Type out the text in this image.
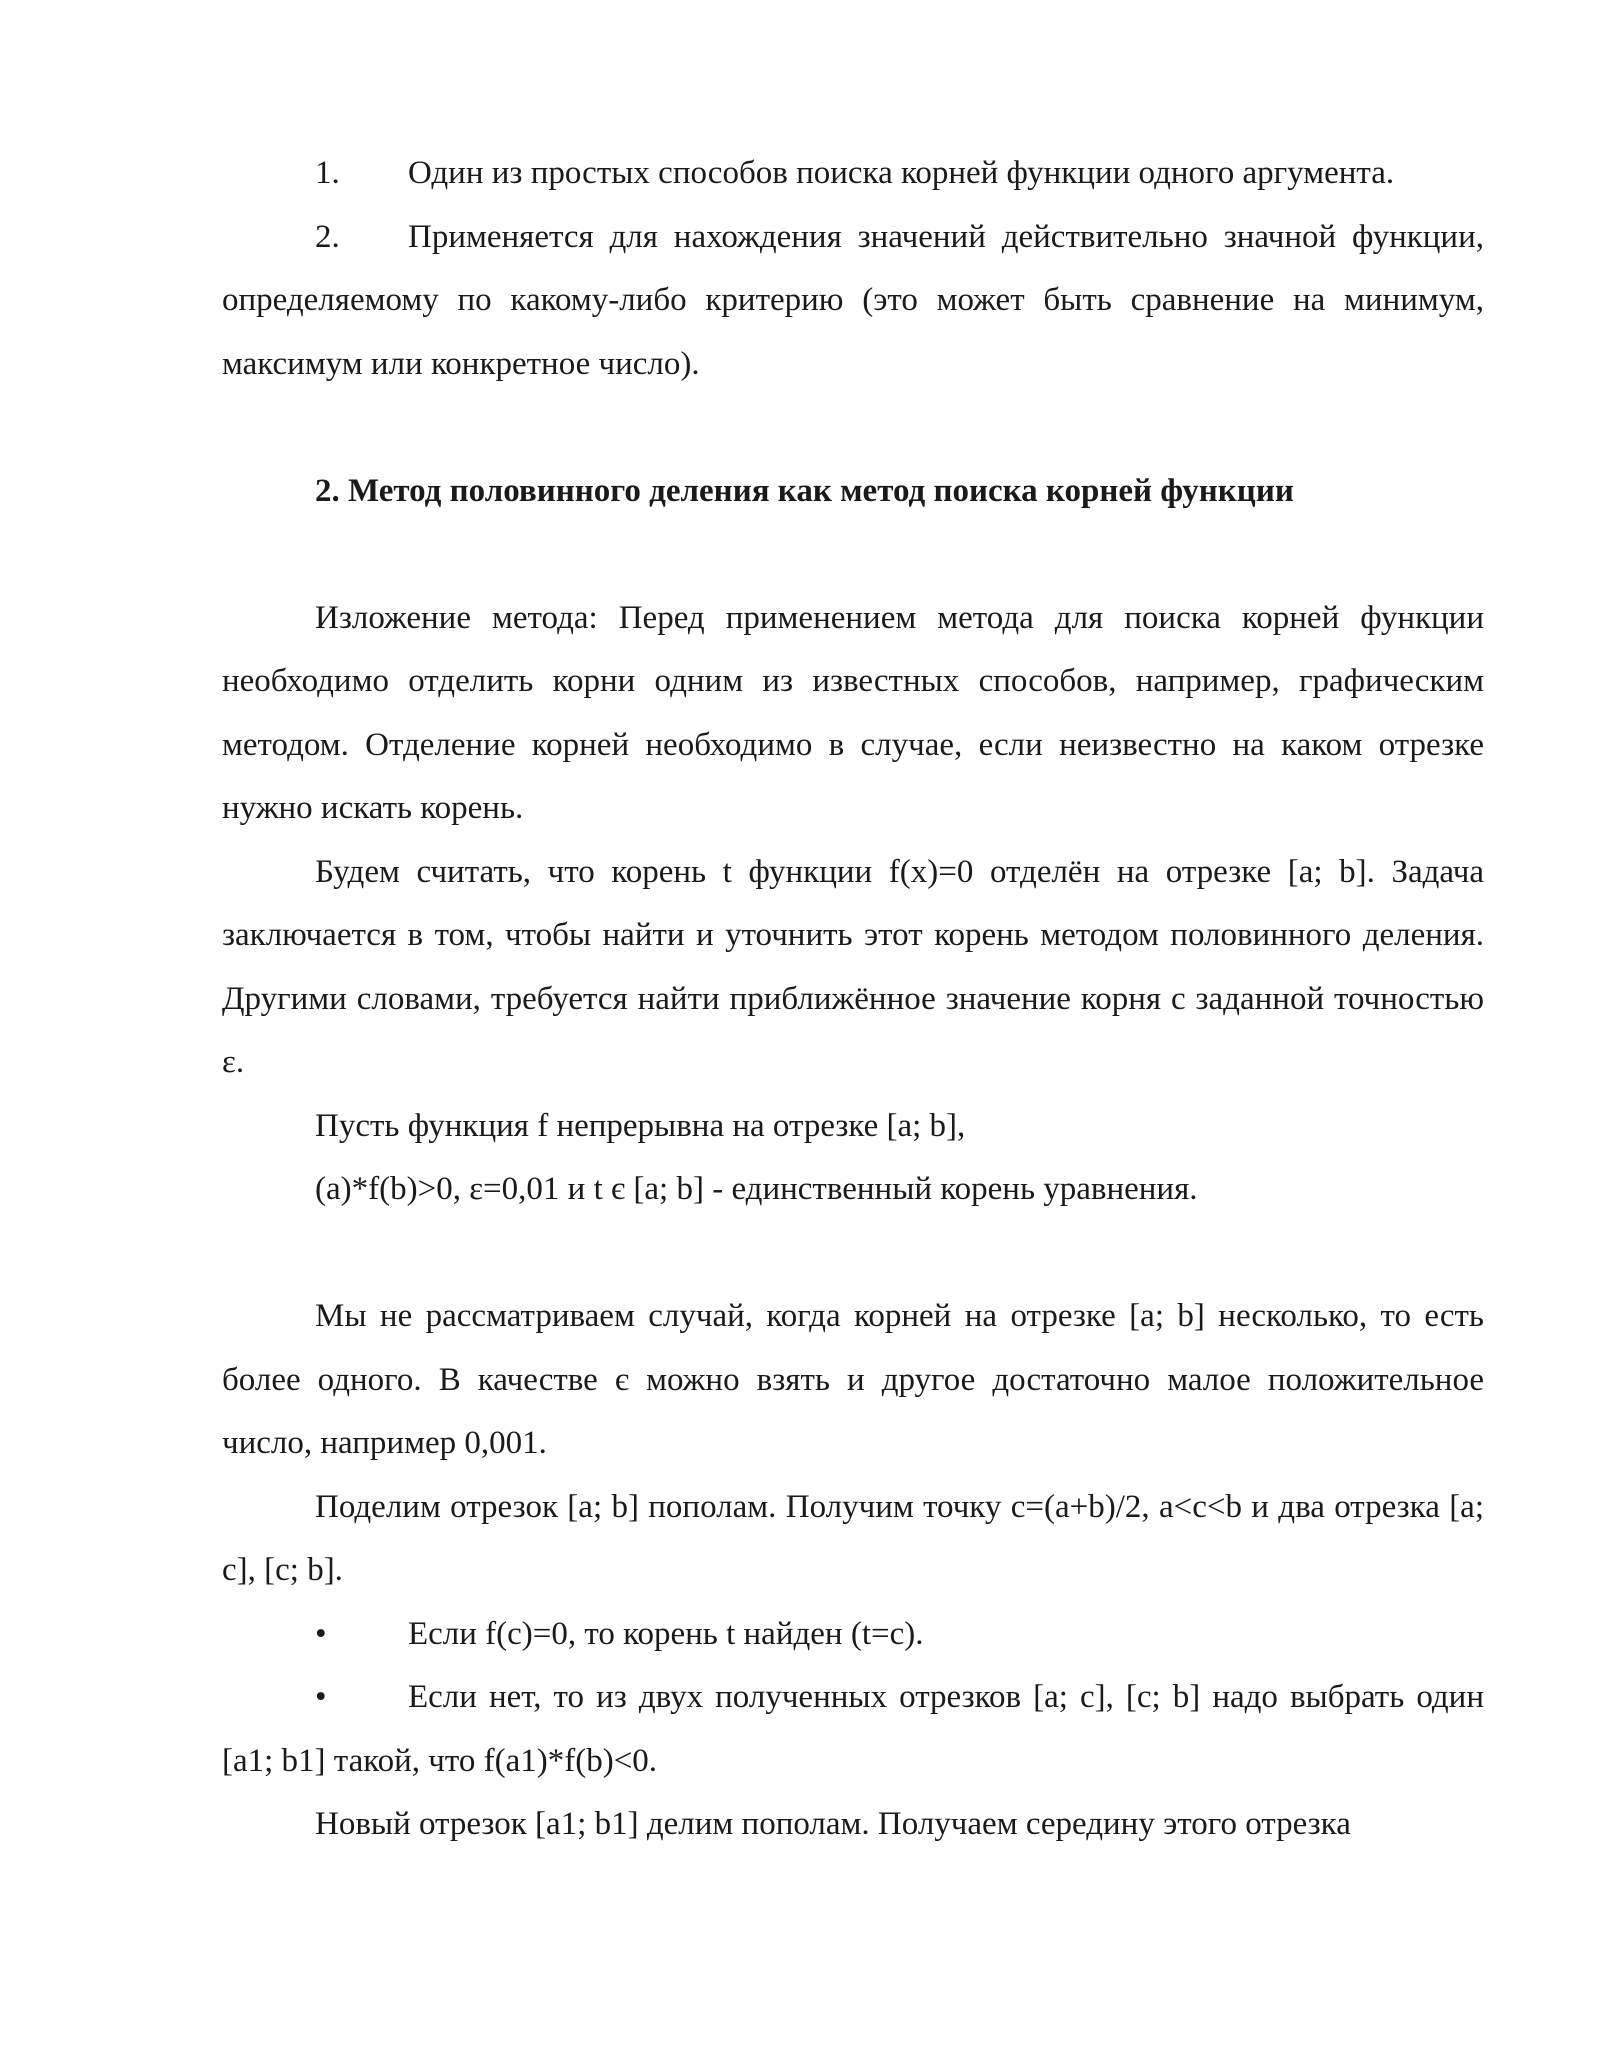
1. Один из простых способов поиска корней функции одного аргумента.

2. Применяется для нахождения значений действительно значной функции, определяемому по какому-либо критерию (это может быть сравнение на минимум, максимум или конкретное число).

2. Метод половинного деления как метод поиска корней функции

Изложение метода: Перед применением метода для поиска корней функции необходимо отделить корни одним из известных способов, например, графическим методом. Отделение корней необходимо в случае, если неизвестно на каком отрезке нужно искать корень.

Будем считать, что корень t функции f(x)=0 отделён на отрезке [a; b]. Задача заключается в том, чтобы найти и уточнить этот корень методом половинного деления. Другими словами, требуется найти приближённое значение корня с заданной точностью ε.

Пусть функция f непрерывна на отрезке [a; b],

(a)*f(b)>0, ε=0,01 и t є [a; b] - единственный корень уравнения.

Мы не рассматриваем случай, когда корней на отрезке [a; b] несколько, то есть более одного. В качестве є можно взять и другое достаточно малое положительное число, например 0,001.

Поделим отрезок [a; b] пополам. Получим точку c=(a+b)/2, a<c<b и два отрезка [a; c], [c; b].

• Если f(c)=0, то корень t найден (t=c).

• Если нет, то из двух полученных отрезков [a; c], [c; b] надо выбрать один [a1; b1] такой, что f(a1)*f(b)<0.

Новый отрезок [a1; b1] делим пополам. Получаем середину этого отрезка
